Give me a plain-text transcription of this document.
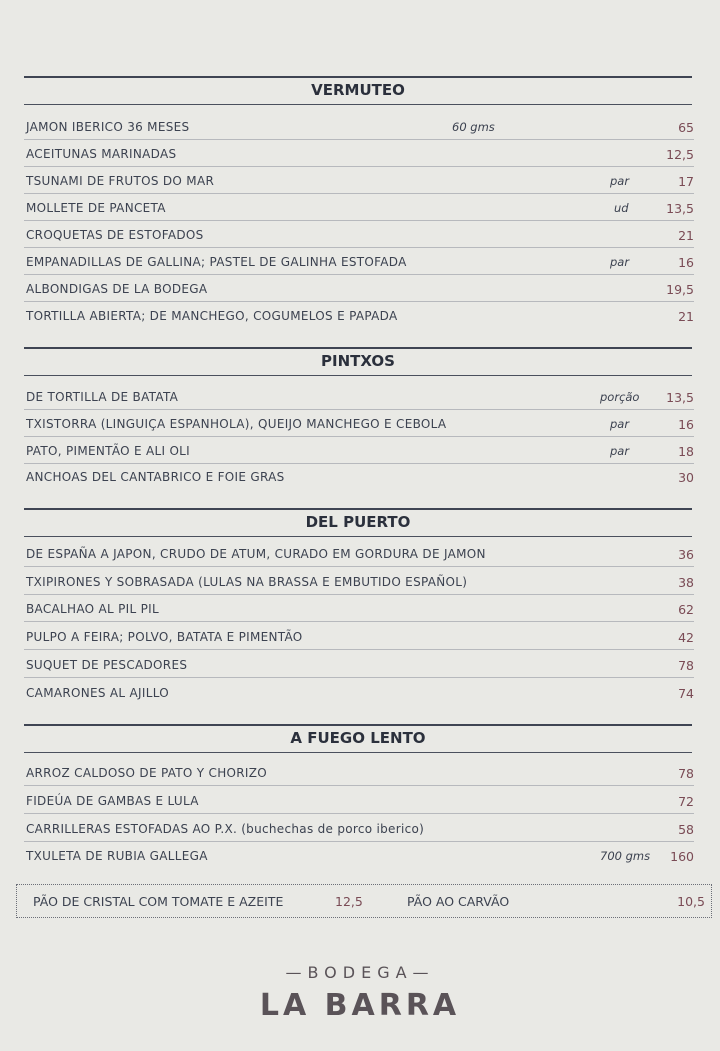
VERMUTEO
JAMON IBERICO 36 MESES	60 gms	65
ACEITUNAS MARINADAS	12,5
TSUNAMI DE FRUTOS DO MAR	par	17
MOLLETE DE PANCETA	ud	13,5
CROQUETAS DE ESTOFADOS	21
EMPANADILLAS DE GALLINA; PASTEL DE GALINHA ESTOFADA	par	16
ALBONDIGAS DE LA BODEGA	19,5
TORTILLA ABIERTA; DE MANCHEGO, COGUMELOS E PAPADA	21
PINTXOS
DE TORTILLA DE BATATA	porção 13,5
TXISTORRA (LINGUIÇA ESPANHOLA), QUEIJO MANCHEGO E CEBOLA	par	16
PATO, PIMENTÃO E ALI OLI	par	18
ANCHOAS DEL CANTABRICO E FOIE GRAS	30
DEL PUERTO
DE ESPAÑA A JAPON, CRUDO DE ATUM, CURADO EM GORDURA DE JAMON	36
TXIPIRONES Y SOBRASADA (LULAS NA BRASSA E EMBUTIDO ESPAÑOL)	38
BACALHAO AL PIL PIL	62
PULPO A FEIRA; POLVO, BATATA E PIMENTÃO	42
SUQUET DE PESCADORES	78
CAMARONES AL AJILLO	74
A FUEGO LENTO
ARROZ CALDOSO DE PATO Y CHORIZO	78
FIDEÚA DE GAMBAS E LULA	72
CARRILLERAS ESTOFADAS AO P.X. (buchechas de porco iberico)	58
TXULETA DE RUBIA GALLEGA	700 gms 160
PÃO DE CRISTAL COM TOMATE E AZEITE	12,5	PÃO AO CARVÃO	10,5
—BODEGA—
LA BARRA
